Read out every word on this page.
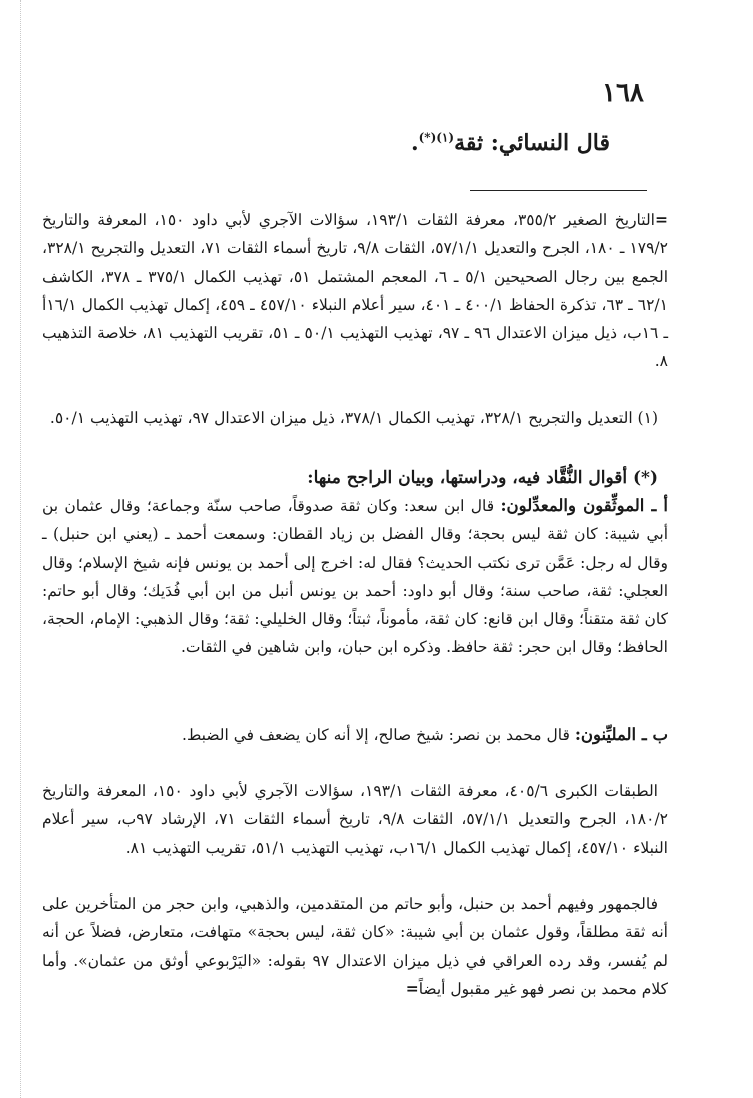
١٦٨
قال النسائي: ثقة$^{(١)(*)}$.
=التاريخ الصغير ٣٥٥/٢، معرفة الثقات ١٩٣/١، سؤالات الآجري لأبي داود ١٥٠، المعرفة والتاريخ ١٧٩/٢ ـ ١٨٠، الجرح والتعديل ٥٧/١/١، الثقات ٩/٨، تاريخ أسماء الثقات ٧١، التعديل والتجريح ٣٢٨/١، الجمع بين رجال الصحيحين ٥/١ ـ ٦، المعجم المشتمل ٥١، تهذيب الكمال ٣٧٥/١ ـ ٣٧٨، الكاشف ٦٢/١ ـ ٦٣، تذكرة الحفاظ ٤٠٠/١ ـ ٤٠١، سير أعلام النبلاء ٤٥٧/١٠ ـ ٤٥٩، إكمال تهذيب الكمال ١٦/١أ ـ ١٦ب، ذيل ميزان الاعتدال ٩٦ ـ ٩٧، تهذيب التهذيب ٥٠/١ ـ ٥١، تقريب التهذيب ٨١، خلاصة التذهيب ٨.
(١) التعديل والتجريح ٣٢٨/١، تهذيب الكمال ٣٧٨/١، ذيل ميزان الاعتدال ٩٧، تهذيب التهذيب ٥٠/١.
(*) أقوال النُّقَّاد فيه، ودراستها، وبيان الراجح منها:
أ ـ الموثِّقون والمعدِّلون: قال ابن سعد: وكان ثقة صدوقاً، صاحب سنّة وجماعة؛ وقال عثمان بن أبي شيبة: كان ثقة ليس بحجة؛ وقال الفضل بن زياد القطان: وسمعت أحمد ـ (يعني ابن حنبل) ـ وقال له رجل: عَمَّن ترى نكتب الحديث؟ فقال له: اخرج إلى أحمد بن يونس فإنه شيخ الإسلام؛ وقال العجلي: ثقة، صاحب سنة؛ وقال أبو داود: أحمد بن يونس أنبل من ابن أبي فُدَيك؛ وقال أبو حاتم: كان ثقة متقناً؛ وقال ابن قانع: كان ثقة، مأموناً، ثبتاً؛ وقال الخليلي: ثقة؛ وقال الذهبي: الإمام، الحجة، الحافظ؛ وقال ابن حجر: ثقة حافظ. وذكره ابن حبان، وابن شاهين في الثقات.
ب ـ المليِّنون: قال محمد بن نصر: شيخ صالح، إلا أنه كان يضعف في الضبط.
الطبقات الكبرى ٤٠٥/٦، معرفة الثقات ١٩٣/١، سؤالات الآجري لأبي داود ١٥٠، المعرفة والتاريخ ١٨٠/٢، الجرح والتعديل ٥٧/١/١، الثقات ٩/٨، تاريخ أسماء الثقات ٧١، الإرشاد ٩٧ب، سير أعلام النبلاء ٤٥٧/١٠، إكمال تهذيب الكمال ١٦/١ب، تهذيب التهذيب ٥١/١، تقريب التهذيب ٨١.
فالجمهور وفيهم أحمد بن حنبل، وأبو حاتم من المتقدمين، والذهبي، وابن حجر من المتأخرين على أنه ثقة مطلقاً، وقول عثمان بن أبي شيبة: «كان ثقة، ليس بحجة» متهافت، متعارض، فضلاً عن أنه لم يُفسر، وقد رده العراقي في ذيل ميزان الاعتدال ٩٧ بقوله: «اليَرْبوعي أوثق من عثمان». وأما كلام محمد بن نصر فهو غير مقبول أيضاً=
